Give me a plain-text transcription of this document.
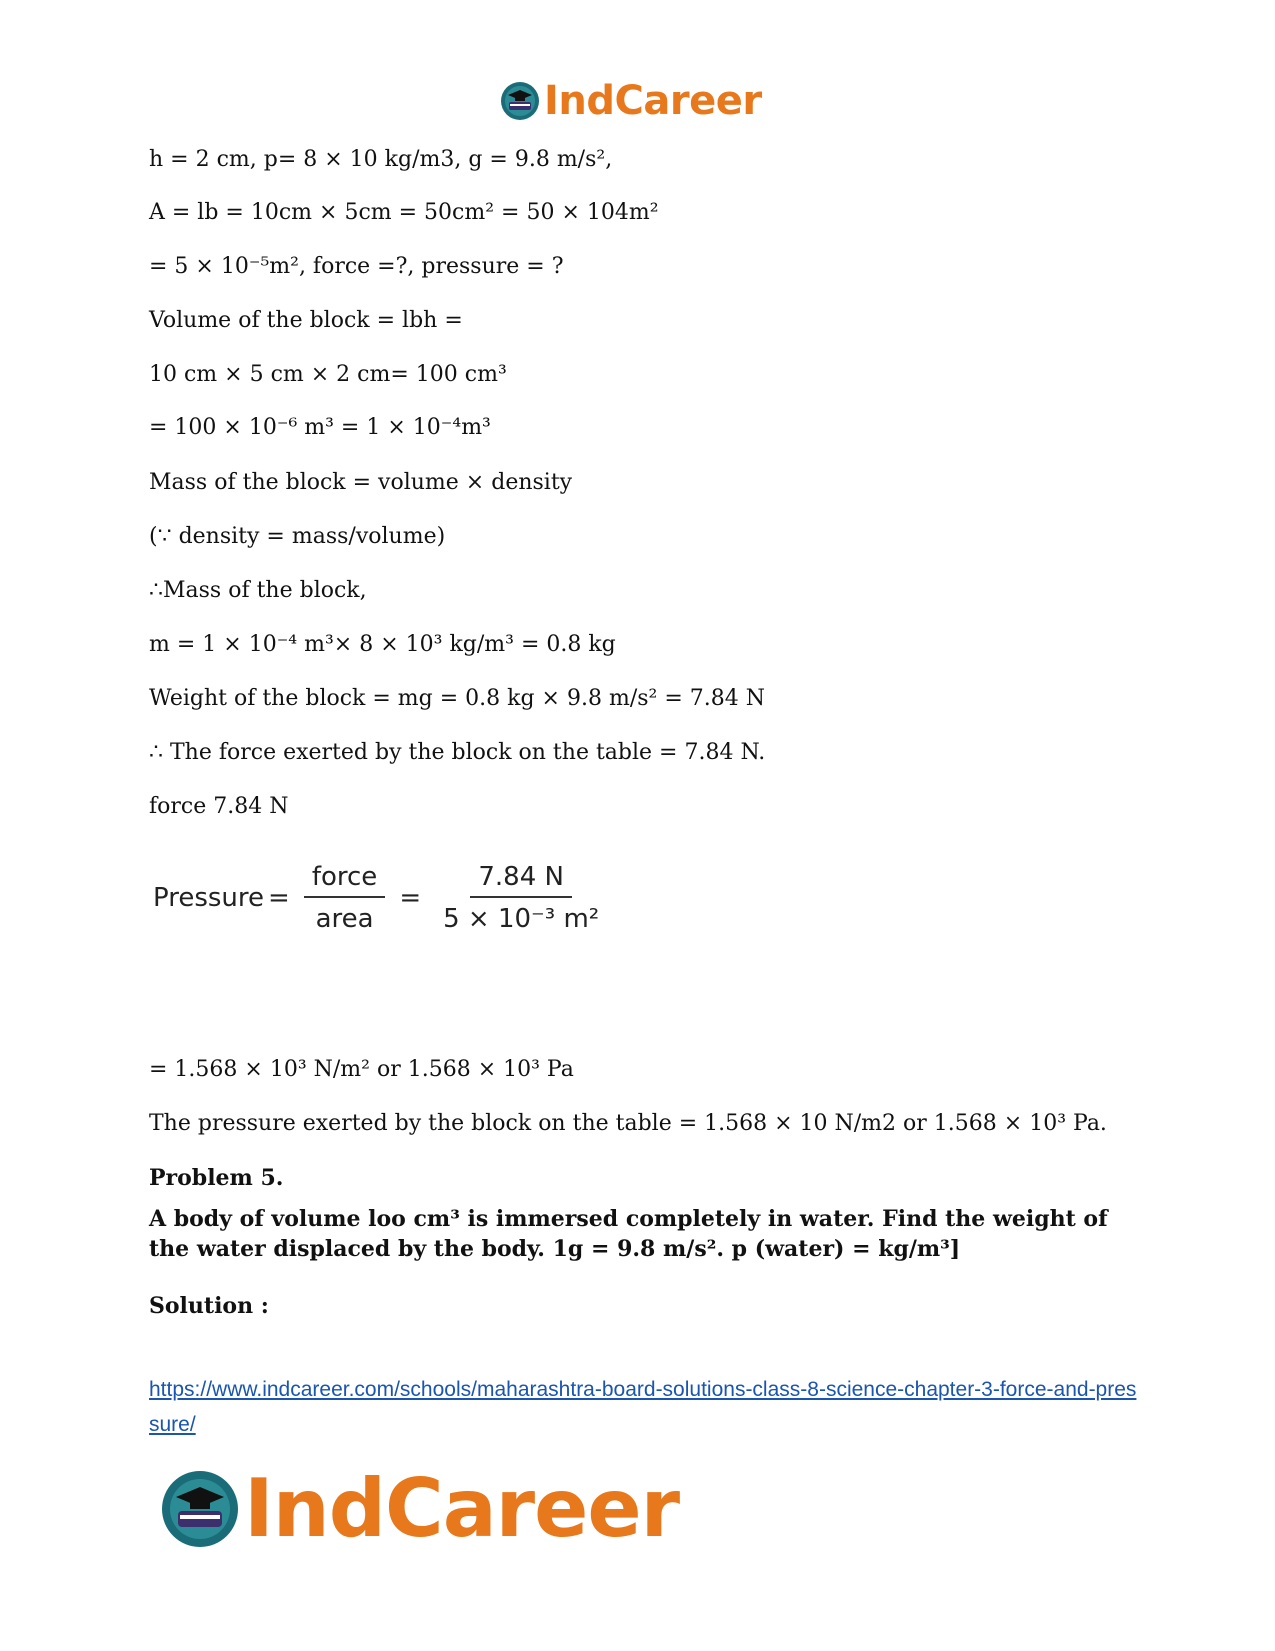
IndCareer
h = 2 cm, p= 8 × 10 kg/m3, g = 9.8 m/s²,
A = lb = 10cm × 5cm = 50cm² = 50 × 104m²
= 5 × 10⁻⁵m², force =?, pressure = ?
Volume of the block = lbh =
10 cm × 5 cm × 2 cm= 100 cm³
= 100 × 10⁻⁶ m³ = 1 × 10⁻⁴m³
Mass of the block = volume × density
(∵ density = mass/volume)
∴Mass of the block,
m = 1 × 10⁻⁴ m³× 8 × 10³ kg/m³ = 0.8 kg
Weight of the block = mg = 0.8 kg × 9.8 m/s² = 7.84 N
∴ The force exerted by the block on the table = 7.84 N.
force 7.84 N
Pressure = $\frac{\text{force}}{\text{area}} = \frac{7.84 N}{\text{5 × 10⁻³ m²}}$
= 1.568 × 10³ N/m² or 1.568 × 10³ Pa
The pressure exerted by the block on the table = 1.568 × 10 N/m2 or 1.568 × 10³ Pa.
Problem 5.
A body of volume loo cm³ is immersed completely in water. Find the weight of the water displaced by the body. 1g = 9.8 m/s². p (water) = kg/m³]
Solution :
https://www.indcareer.com/schools/maharashtra-board-solutions-class-8-science-chapter-3-force-and-pressure/
IndCareer
